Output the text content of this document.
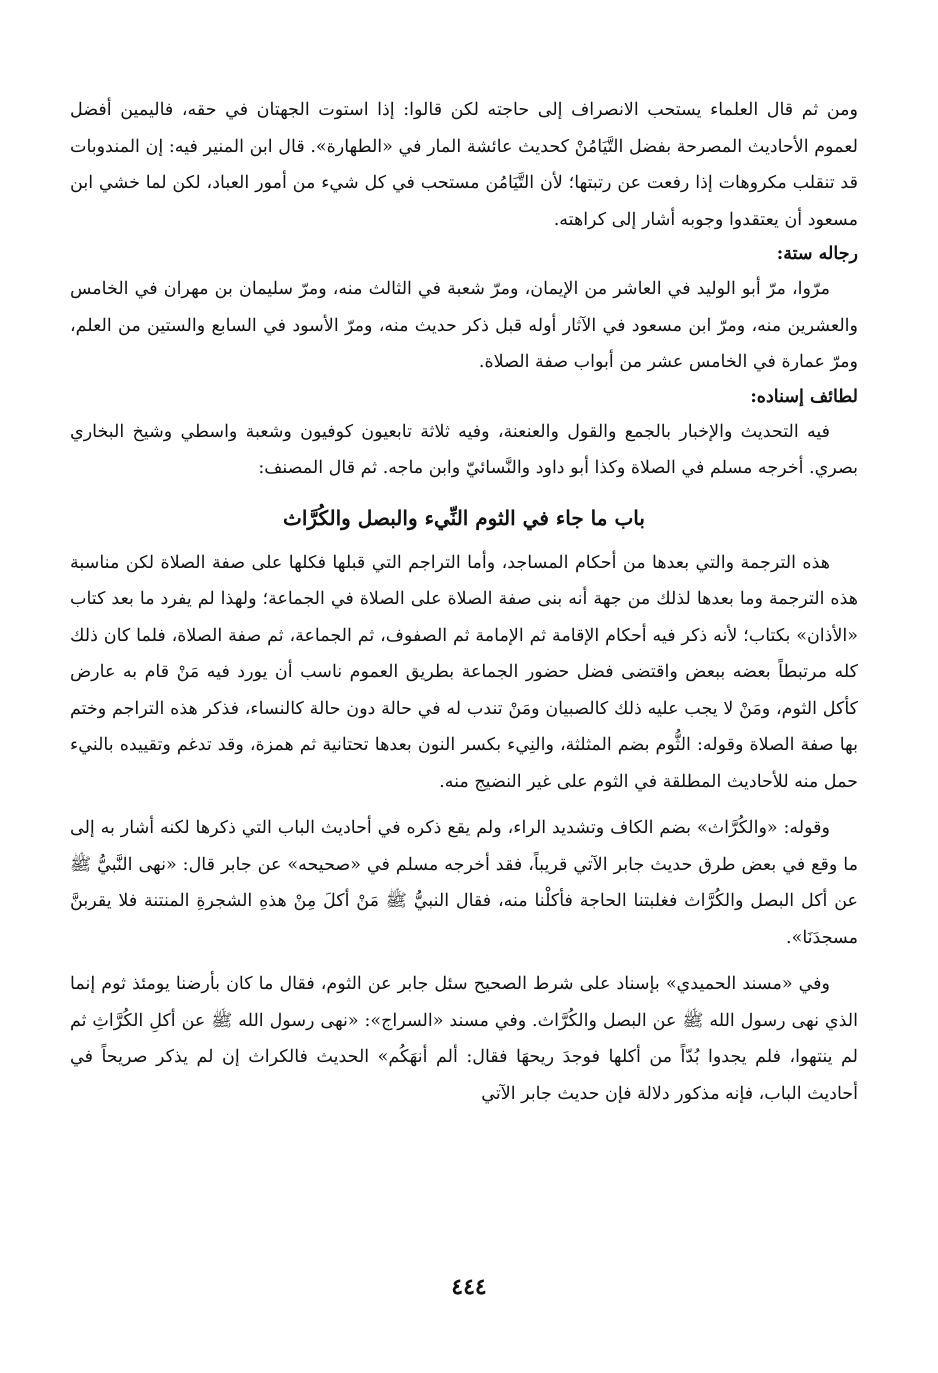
ومن ثم قال العلماء يستحب الانصراف إلى حاجته لكن قالوا: إذا استوت الجهتان في حقه، فاليمين أفضل لعموم الأحاديث المصرحة بفضل التَّيَامُنْ كحديث عائشة المار في «الطهارة». قال ابن المنير فيه: إن المندوبات قد تنقلب مكروهات إذا رفعت عن رتبتها؛ لأن التَّيَامُن مستحب في كل شيء من أمور العباد، لكن لما خشي ابن مسعود أن يعتقدوا وجوبه أشار إلى كراهته.

رجاله ستة:

مرّوا، مرّ أبو الوليد في العاشر من الإيمان، ومرّ شعبة في الثالث منه، ومرّ سليمان بن مهران في الخامس والعشرين منه، ومرّ ابن مسعود في الآثار أوله قبل ذكر حديث منه، ومرّ الأسود في السابع والستين من العلم، ومرّ عمارة في الخامس عشر من أبواب صفة الصلاة.

لطائف إسناده:

فيه التحديث والإخبار بالجمع والقول والعنعنة، وفيه ثلاثة تابعيون كوفيون وشعبة واسطي وشيخ البخاري بصري. أخرجه مسلم في الصلاة وكذا أبو داود والنَّسائيّ وابن ماجه. ثم قال المصنف:

باب ما جاء في الثوم النِّيء والبصل والكُرَّاث

هذه الترجمة والتي بعدها من أحكام المساجد، وأما التراجم التي قبلها فكلها على صفة الصلاة لكن مناسبة هذه الترجمة وما بعدها لذلك من جهة أنه بنى صفة الصلاة على الصلاة في الجماعة؛ ولهذا لم يفرد ما بعد كتاب «الأذان» بكتاب؛ لأنه ذكر فيه أحكام الإقامة ثم الإمامة ثم الصفوف، ثم الجماعة، ثم صفة الصلاة، فلما كان ذلك كله مرتبطاً بعضه ببعض واقتضى فضل حضور الجماعة بطريق العموم ناسب أن يورد فيه مَنْ قام به عارض كأكل الثوم، ومَنْ لا يجب عليه ذلك كالصبيان ومَنْ تندب له في حالة دون حالة كالنساء، فذكر هذه التراجم وختم بها صفة الصلاة وقوله: الثُّوم بضم المثلثة، والنِيء بكسر النون بعدها تحتانية ثم همزة، وقد تدغم وتقييده بالنيء حمل منه للأحاديث المطلقة في الثوم على غير النضيج منه.

وقوله: «والكُرَّاث» بضم الكاف وتشديد الراء، ولم يقع ذكره في أحاديث الباب التي ذكرها لكنه أشار به إلى ما وقع في بعض طرق حديث جابر الآتي قريباً، فقد أخرجه مسلم في «صحيحه» عن جابر قال: «نهى النَّبيُّ ﷺ عن أكل البصل والكُرَّاث فغلبتنا الحاجة فأكلْنا منه، فقال النبيُّ ﷺ مَنْ أكلَ مِنْ هذهِ الشجرةِ المنتنة فلا يقربنَّ مسجدَنَا».

وفي «مسند الحميدي» بإسناد على شرط الصحيح سئل جابر عن الثوم، فقال ما كان بأرضنا يومئذ ثوم إنما الذي نهى رسول الله ﷺ عن البصل والكُرَّاث. وفي مسند «السراج»: «نهى رسول الله ﷺ عن أكلِ الكُرَّاثِ ثم لم ينتهوا، فلم يجدوا بُدّاً من أكلها فوجدَ ريحهَا فقال: ألم أنهَكُم» الحديث فالكراث إن لم يذكر صريحاً في أحاديث الباب، فإنه مذكور دلالة فإن حديث جابر الآتي

٤٤٤
